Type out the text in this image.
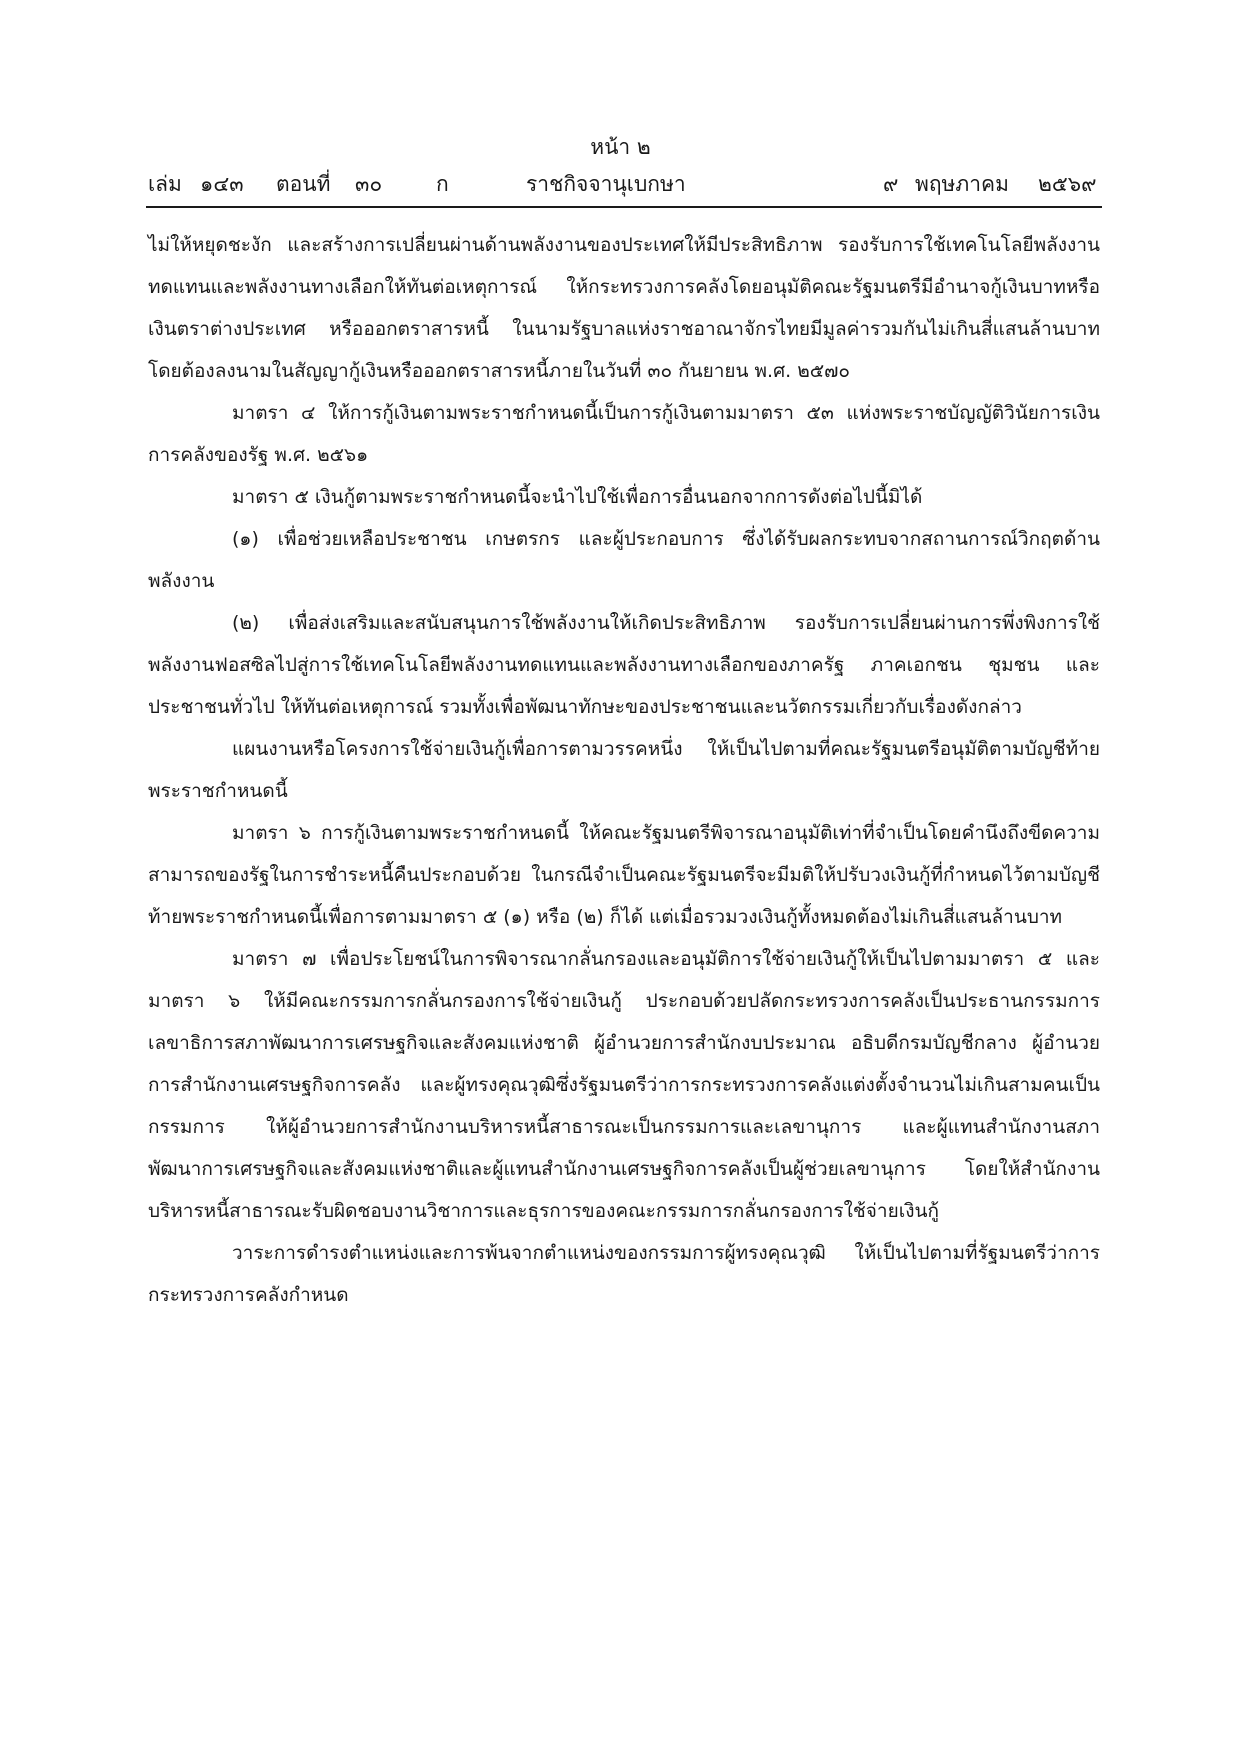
หน้า ๒
เล่ม ๑๔๓ ตอนที่ ๓๐	ก	ราชกิจจานุเบกษา	๙ พฤษภาคม ๒๕๖๙

ไม่ให้หยุดชะงัก และสร้างการเปลี่ยนผ่านด้านพลังงานของประเทศให้มีประสิทธิภาพ รองรับการใช้เทคโนโลยีพลังงานทดแทนและพลังงานทางเลือกให้ทันต่อเหตุการณ์ ให้กระทรวงการคลังโดยอนุมัติคณะรัฐมนตรีมีอำนาจกู้เงินบาทหรือเงินตราต่างประเทศ หรือออกตราสารหนี้ ในนามรัฐบาลแห่งราชอาณาจักรไทยมีมูลค่ารวมกันไม่เกินสี่แสนล้านบาท โดยต้องลงนามในสัญญากู้เงินหรือออกตราสารหนี้ภายในวันที่ ๓๐ กันยายน พ.ศ. ๒๕๗๐

มาตรา ๔ ให้การกู้เงินตามพระราชกำหนดนี้เป็นการกู้เงินตามมาตรา ๕๓ แห่งพระราชบัญญัติวินัยการเงินการคลังของรัฐ พ.ศ. ๒๕๖๑

มาตรา ๕ เงินกู้ตามพระราชกำหนดนี้จะนำไปใช้เพื่อการอื่นนอกจากการดังต่อไปนี้มิได้

(๑) เพื่อช่วยเหลือประชาชน เกษตรกร และผู้ประกอบการ ซึ่งได้รับผลกระทบจากสถานการณ์วิกฤตด้านพลังงาน

(๒) เพื่อส่งเสริมและสนับสนุนการใช้พลังงานให้เกิดประสิทธิภาพ รองรับการเปลี่ยนผ่านการพึ่งพิงการใช้พลังงานฟอสซิลไปสู่การใช้เทคโนโลยีพลังงานทดแทนและพลังงานทางเลือกของภาครัฐ ภาคเอกชน ชุมชน และประชาชนทั่วไป ให้ทันต่อเหตุการณ์ รวมทั้งเพื่อพัฒนาทักษะของประชาชนและนวัตกรรมเกี่ยวกับเรื่องดังกล่าว

แผนงานหรือโครงการใช้จ่ายเงินกู้เพื่อการตามวรรคหนึ่ง ให้เป็นไปตามที่คณะรัฐมนตรีอนุมัติตามบัญชีท้ายพระราชกำหนดนี้

มาตรา ๖ การกู้เงินตามพระราชกำหนดนี้ ให้คณะรัฐมนตรีพิจารณาอนุมัติเท่าที่จำเป็นโดยคำนึงถึงขีดความสามารถของรัฐในการชำระหนี้คืนประกอบด้วย ในกรณีจำเป็นคณะรัฐมนตรีจะมีมติให้ปรับวงเงินกู้ที่กำหนดไว้ตามบัญชีท้ายพระราชกำหนดนี้เพื่อการตามมาตรา ๕ (๑) หรือ (๒) ก็ได้ แต่เมื่อรวมวงเงินกู้ทั้งหมดต้องไม่เกินสี่แสนล้านบาท

มาตรา ๗ เพื่อประโยชน์ในการพิจารณากลั่นกรองและอนุมัติการใช้จ่ายเงินกู้ให้เป็นไปตามมาตรา ๕ และมาตรา ๖ ให้มีคณะกรรมการกลั่นกรองการใช้จ่ายเงินกู้ ประกอบด้วยปลัดกระทรวงการคลังเป็นประธานกรรมการ เลขาธิการสภาพัฒนาการเศรษฐกิจและสังคมแห่งชาติ ผู้อำนวยการสำนักงบประมาณ อธิบดีกรมบัญชีกลาง ผู้อำนวยการสำนักงานเศรษฐกิจการคลัง และผู้ทรงคุณวุฒิซึ่งรัฐมนตรีว่าการกระทรวงการคลังแต่งตั้งจำนวนไม่เกินสามคนเป็นกรรมการ ให้ผู้อำนวยการสำนักงานบริหารหนี้สาธารณะเป็นกรรมการและเลขานุการ และผู้แทนสำนักงานสภาพัฒนาการเศรษฐกิจและสังคมแห่งชาติและผู้แทนสำนักงานเศรษฐกิจการคลังเป็นผู้ช่วยเลขานุการ โดยให้สำนักงานบริหารหนี้สาธารณะรับผิดชอบงานวิชาการและธุรการของคณะกรรมการกลั่นกรองการใช้จ่ายเงินกู้

วาระการดำรงตำแหน่งและการพ้นจากตำแหน่งของกรรมการผู้ทรงคุณวุฒิ ให้เป็นไปตามที่รัฐมนตรีว่าการกระทรวงการคลังกำหนด
